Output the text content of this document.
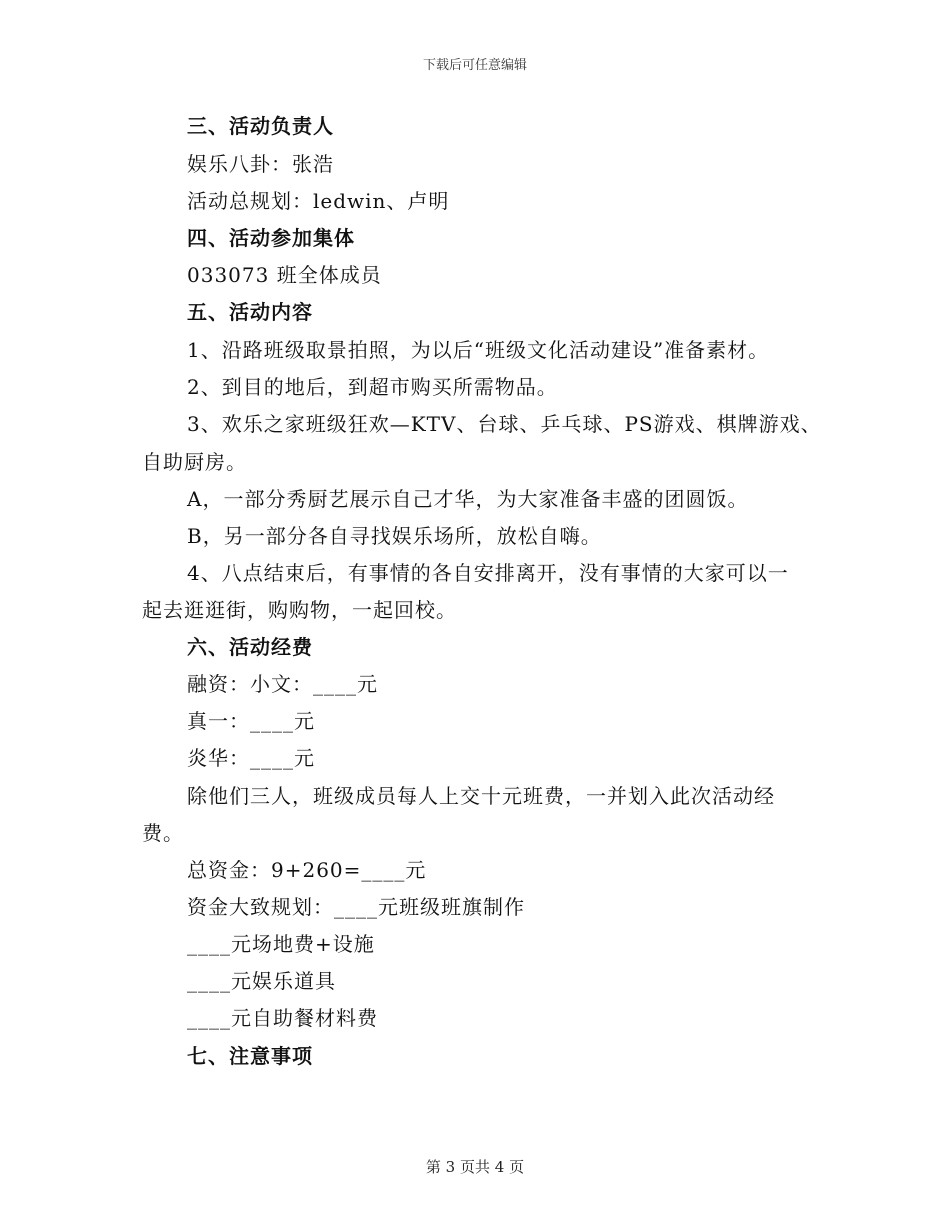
下载后可任意编辑
三、活动负责人
娱乐八卦：张浩
活动总规划：ledwin、卢明
四、活动参加集体
033073 班全体成员
五、活动内容
1、沿路班级取景拍照，为以后“班级文化活动建设”准备素材。
2、到目的地后，到超市购买所需物品。
3、欢乐之家班级狂欢—KTV、台球、乒乓球、PS游戏、棋牌游戏、
自助厨房。
A，一部分秀厨艺展示自己才华，为大家准备丰盛的团圆饭。
B，另一部分各自寻找娱乐场所，放松自嗨。
4、八点结束后，有事情的各自安排离开，没有事情的大家可以一
起去逛逛街，购购物，一起回校。
六、活动经费
融资：小文：____元
真一：____元
炎华：____元
除他们三人，班级成员每人上交十元班费，一并划入此次活动经
费。
总资金：9+260=____元
资金大致规划：____元班级班旗制作
____元场地费+设施
____元娱乐道具
____元自助餐材料费
七、注意事项
第 3 页共 4 页
